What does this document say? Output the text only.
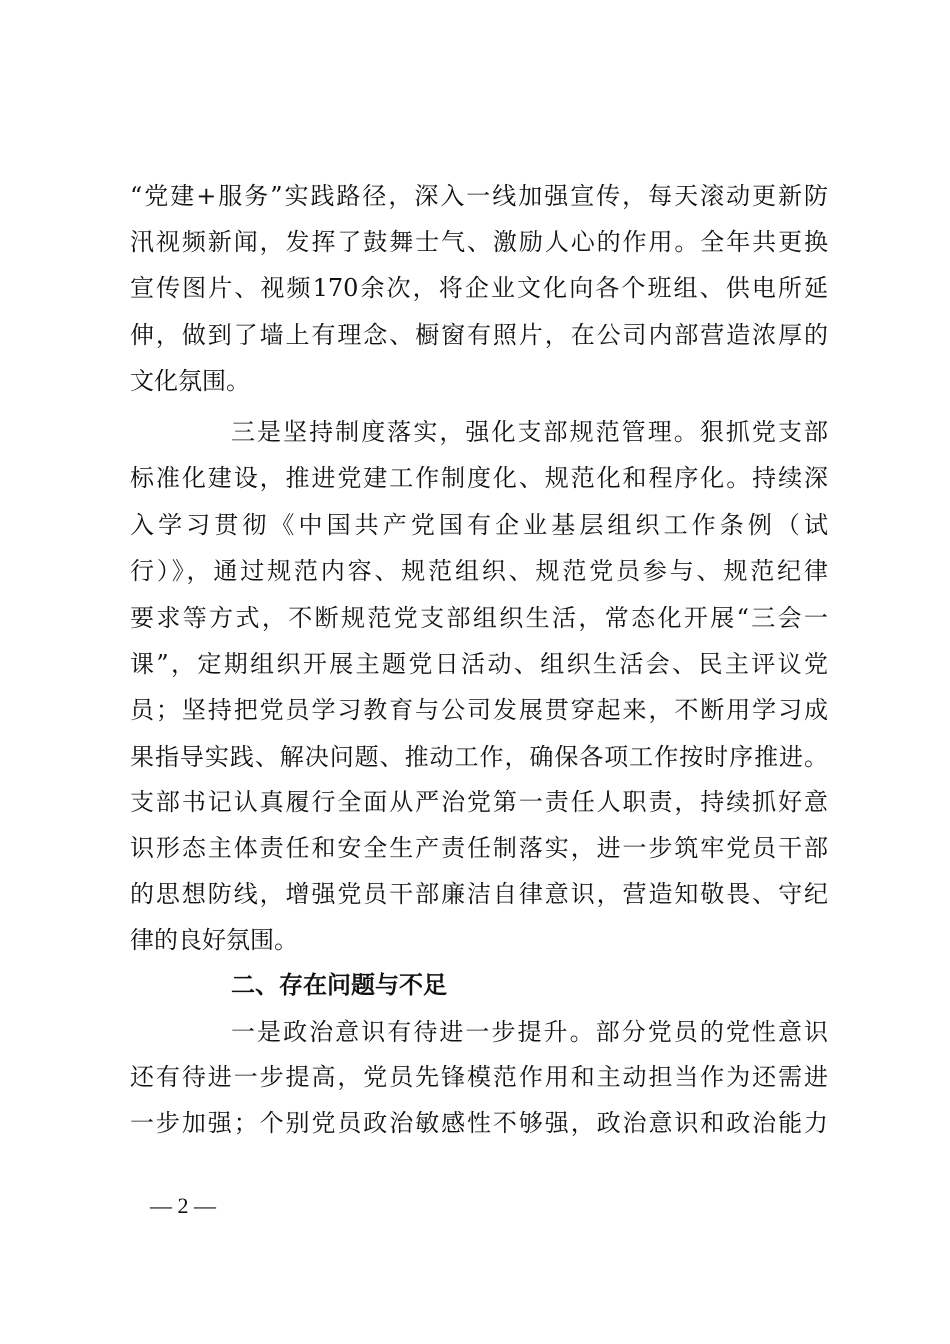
“党建+服务”实践路径，深入一线加强宣传，每天滚动更新防
汛视频新闻，发挥了鼓舞士气、激励人心的作用。全年共更换
宣传图片、视频170余次，将企业文化向各个班组、供电所延
伸，做到了墙上有理念、橱窗有照片，在公司内部营造浓厚的
文化氛围。
三是坚持制度落实，强化支部规范管理。狠抓党支部
标准化建设，推进党建工作制度化、规范化和程序化。持续深
入学习贯彻《中国共产党国有企业基层组织工作条例（试
行）》，通过规范内容、规范组织、规范党员参与、规范纪律
要求等方式，不断规范党支部组织生活，常态化开展“三会一
课”，定期组织开展主题党日活动、组织生活会、民主评议党
员；坚持把党员学习教育与公司发展贯穿起来，不断用学习成
果指导实践、解决问题、推动工作，确保各项工作按时序推进。
支部书记认真履行全面从严治党第一责任人职责，持续抓好意
识形态主体责任和安全生产责任制落实，进一步筑牢党员干部
的思想防线，增强党员干部廉洁自律意识，营造知敬畏、守纪
律的良好氛围。
二、存在问题与不足
一是政治意识有待进一步提升。部分党员的党性意识
还有待进一步提高，党员先锋模范作用和主动担当作为还需进
一步加强；个别党员政治敏感性不够强，政治意识和政治能力
— 2 —
